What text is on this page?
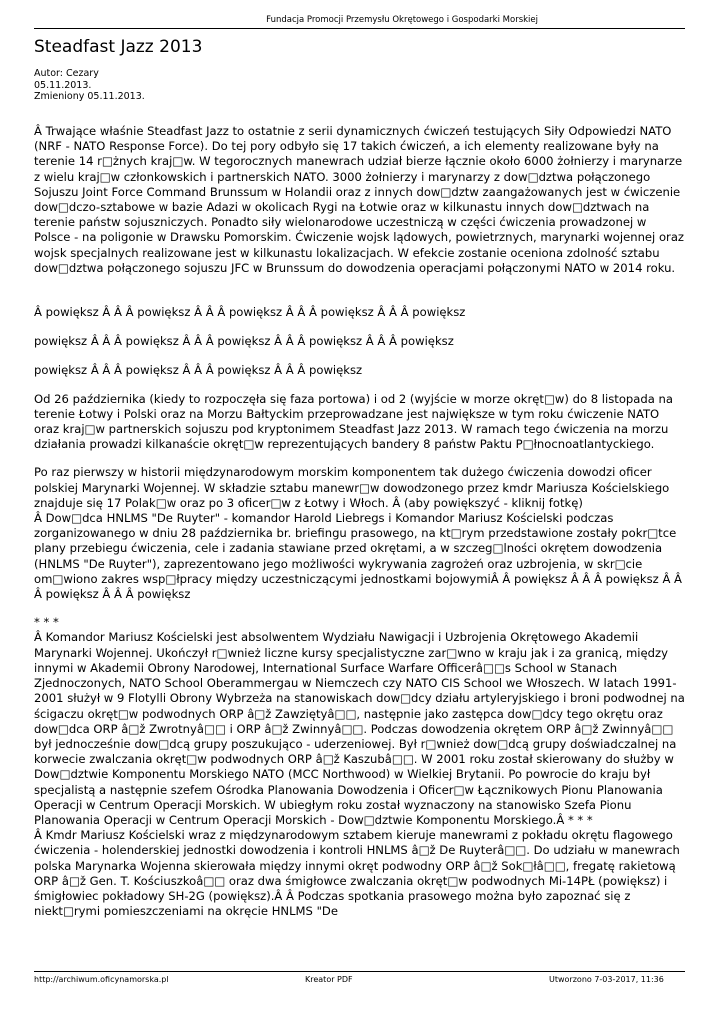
Fundacja Promocji Przemysłu Okrętowego i Gospodarki Morskiej
Steadfast Jazz 2013
Autor: Cezary
05.11.2013.
Zmieniony 05.11.2013.

Â Trwające właśnie Steadfast Jazz to ostatnie z serii dynamicznych ćwiczeń testujących Siły Odpowiedzi NATO (NRF - NATO Response Force). Do tej pory odbyło się 17 takich ćwiczeń, a ich elementy realizowane były na terenie 14 r□żnych kraj□w. W tegorocznych manewrach udział bierze łącznie około 6000 żołnierzy i marynarze z wielu kraj□w członkowskich i partnerskich NATO. 3000 żołnierzy i marynarzy z dow□dztwa połączonego Sojuszu Joint Force Command Brunssum w Holandii oraz z innych dow□dztw zaangażowanych jest w ćwiczenie dow□dczo-sztabowe w bazie Adazi w okolicach Rygi na Łotwie oraz w kilkunastu innych dow□dztwach na terenie państw sojuszniczych. Ponadto siły wielonarodowe uczestniczą w części ćwiczenia prowadzonej w Polsce - na poligonie w Drawsku Pomorskim. Ćwiczenie wojsk lądowych, powietrznych, marynarki wojennej oraz wojsk specjalnych realizowane jest w kilkunastu lokalizacjach. W efekcie zostanie oceniona zdolność sztabu dow□dztwa połączonego sojuszu JFC w Brunssum do dowodzenia operacjami połączonymi NATO w 2014 roku.

Â powiększ Â Â Â powiększ Â Â Â powiększ Â Â Â powiększ Â Â Â powiększ

powiększ Â Â Â powiększ Â Â Â powiększ Â Â Â powiększ Â Â Â powiększ

powiększ Â Â Â powiększ Â Â Â powiększ Â Â Â powiększ

Od 26 października (kiedy to rozpoczęła się faza portowa) i od 2 (wyjście w morze okręt□w) do 8 listopada na terenie Łotwy i Polski oraz na Morzu Bałtyckim przeprowadzane jest największe w tym roku ćwiczenie NATO oraz kraj□w partnerskich sojuszu pod kryptonimem Steadfast Jazz 2013. W ramach tego ćwiczenia na morzu działania prowadzi kilkanaście okręt□w reprezentujących bandery 8 państw Paktu P□łnocnoatlantyckiego.

Po raz pierwszy w historii międzynarodowym morskim komponentem tak dużego ćwiczenia dowodzi oficer polskiej Marynarki Wojennej. W składzie sztabu manewr□w dowodzonego przez kmdr Mariusza Kościelskiego znajduje się 17 Polak□w oraz po 3 oficer□w z Łotwy i Włoch. Â (aby powiększyć - kliknij fotkę)

Â Dow□dca HNLMS "De Ruyter" - komandor Harold Liebregs i Komandor Mariusz Kościelski podczas zorganizowanego w dniu 28 października br. briefingu prasowego, na kt□rym przedstawione zostały pokr□tce plany przebiegu ćwiczenia, cele i zadania stawiane przed okrętami, a w szczeg□lności okrętem dowodzenia (HNLMS "De Ruyter"), zaprezentowano jego możliwości wykrywania zagrożeń oraz uzbrojenia, w skr□cie om□wiono zakres wsp□łpracy między uczestniczącymi jednostkami bojowymiÂ Â powiększ Â Â Â powiększ Â Â Â powiększ Â Â Â powiększ

* * *

Â Komandor Mariusz Kościelski jest absolwentem Wydziału Nawigacji i Uzbrojenia Okrętowego Akademii Marynarki Wojennej. Ukończył r□wnież liczne kursy specjalistyczne zar□wno w kraju jak i za granicą, między innymi w Akademii Obrony Narodowej, International Surface Warfare Officerâ□□s School w Stanach Zjednoczonych, NATO School Oberammergau w Niemczech czy NATO CIS School we Włoszech. W latach 1991- 2001 służył w 9 Flotylli Obrony Wybrzeża na stanowiskach dow□dcy działu artyleryjskiego i broni podwodnej na ścigaczu okręt□w podwodnych ORP â□ž Zawziętyâ□□, następnie jako zastępca dow□dcy tego okrętu oraz dow□dca ORP â□ž Zwrotnyâ□□ i ORP â□ž Zwinnyâ□□. Podczas dowodzenia okrętem ORP â□ž Zwinnyâ□□ był jednocześnie dow□dcą grupy poszukująco - uderzeniowej. Był r□wnież dow□dcą grupy doświadczalnej na korwecie zwalczania okręt□w podwodnych ORP â□ž Kaszubâ□□. W 2001 roku został skierowany do służby w Dow□dztwie Komponentu Morskiego NATO (MCC Northwood) w Wielkiej Brytanii. Po powrocie do kraju był specjalistą a następnie szefem Ośrodka Planowania Dowodzenia i Oficer□w Łącznikowych Pionu Planowania Operacji w Centrum Operacji Morskich. W ubiegłym roku został wyznaczony na stanowisko Szefa Pionu Planowania Operacji w Centrum Operacji Morskich - Dow□dztwie Komponentu Morskiego.Â * * *

Â Kmdr Mariusz Kościelski wraz z międzynarodowym sztabem kieruje manewrami z pokładu okrętu flagowego ćwiczenia - holenderskiej jednostki dowodzenia i kontroli HNLMS â□ž De Ruyterâ□□. Do udziału w manewrach polska Marynarka Wojenna skierowała między innymi okręt podwodny ORP â□ž Sok□łâ□□, fregatę rakietową ORP â□ž Gen. T. Kościuszkoâ□□ oraz dwa śmigłowce zwalczania okręt□w podwodnych Mi-14PŁ (powiększ) i śmigłowiec pokładowy SH-2G (powiększ).Â Â Podczas spotkania prasowego można było zapoznać się z niekt□rymi pomieszczeniami na okręcie HNLMS "De

http://archiwum.oficynamorska.pl	Kreator PDF	Utworzono 7-03-2017, 11:36
